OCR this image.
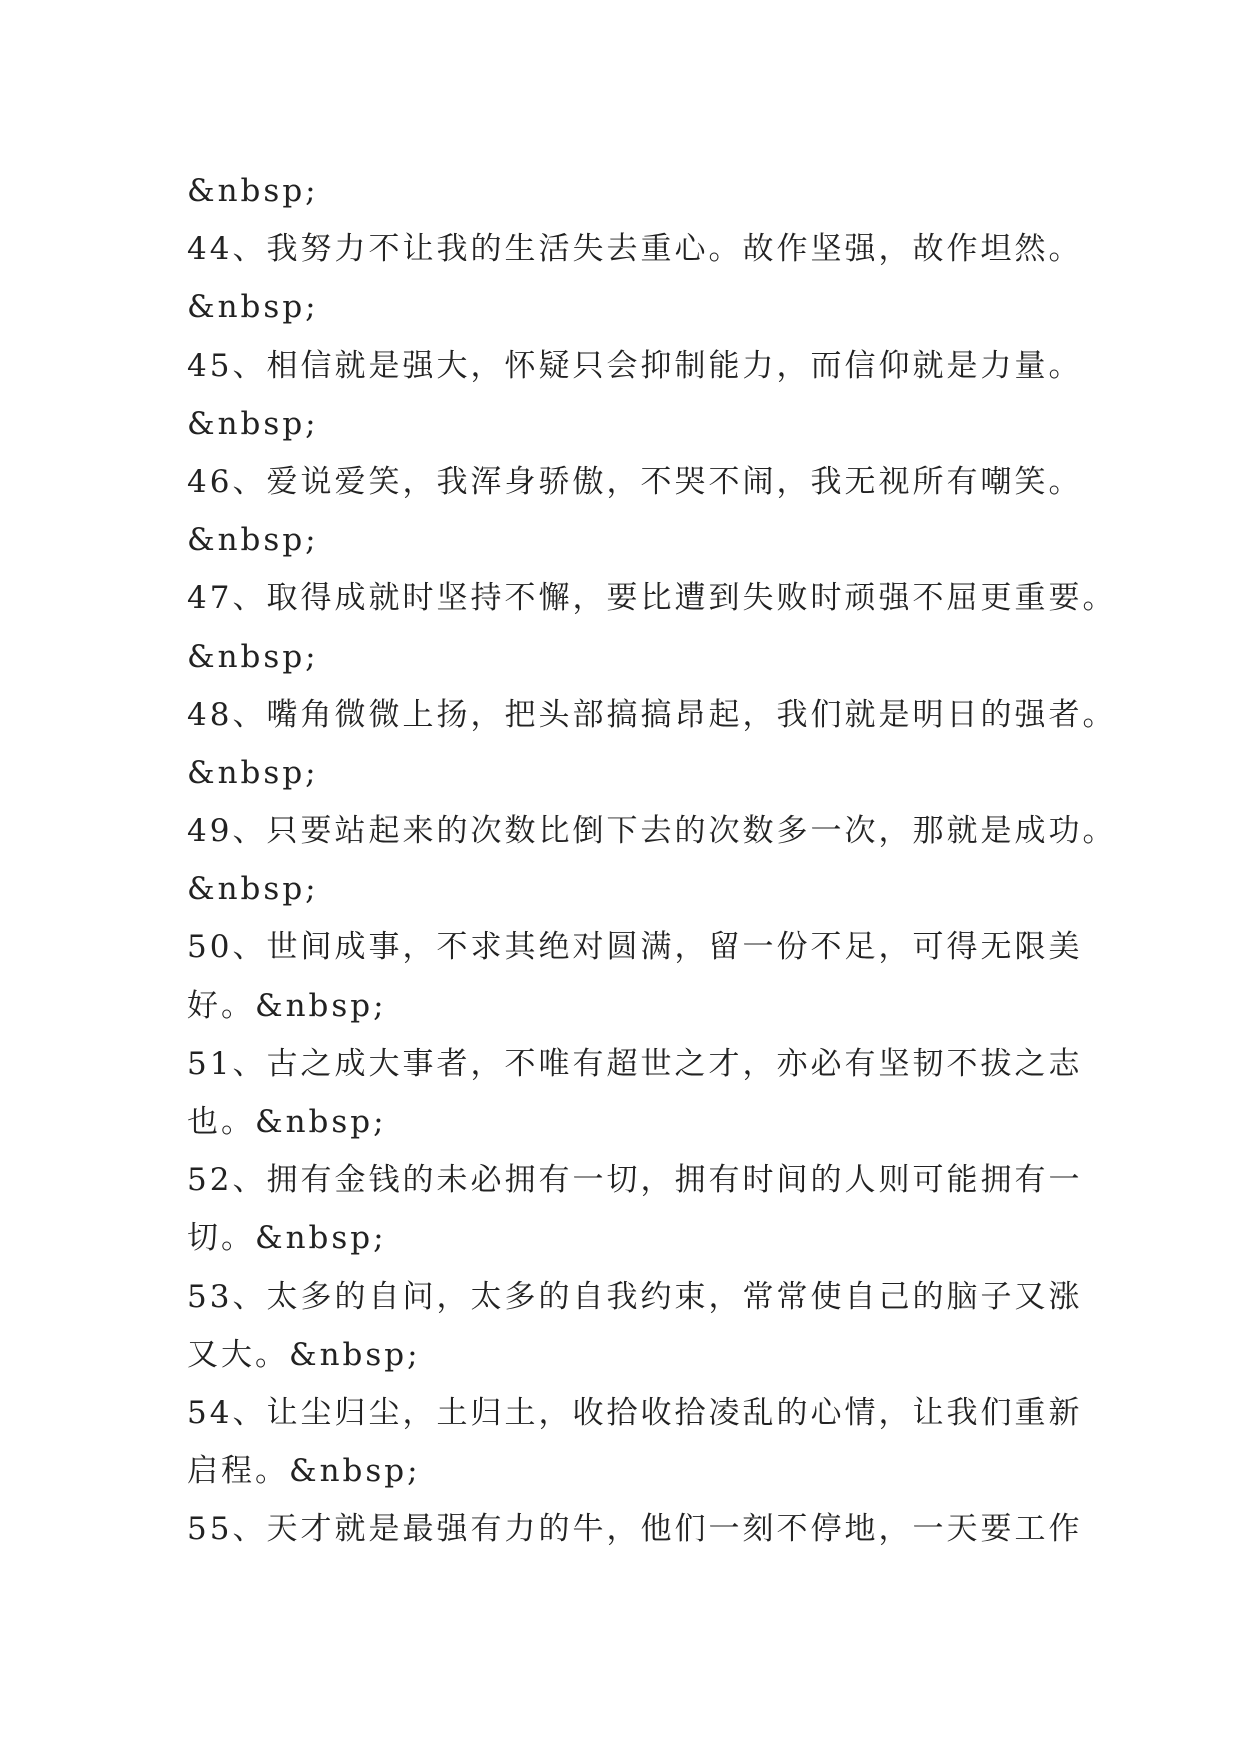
&nbsp;
44、我努力不让我的生活失去重心。故作坚强，故作坦然。
&nbsp;
45、相信就是强大，怀疑只会抑制能力，而信仰就是力量。
&nbsp;
46、爱说爱笑，我浑身骄傲，不哭不闹，我无视所有嘲笑。
&nbsp;
47、取得成就时坚持不懈，要比遭到失败时顽强不屈更重要。
&nbsp;
48、嘴角微微上扬，把头部搞搞昂起，我们就是明日的强者。
&nbsp;
49、只要站起来的次数比倒下去的次数多一次，那就是成功。
&nbsp;
50、世间成事，不求其绝对圆满，留一份不足，可得无限美
好。&nbsp;
51、古之成大事者，不唯有超世之才，亦必有坚韧不拔之志
也。&nbsp;
52、拥有金钱的未必拥有一切，拥有时间的人则可能拥有一
切。&nbsp;
53、太多的自问，太多的自我约束，常常使自己的脑子又涨
又大。&nbsp;
54、让尘归尘，土归土，收拾收拾凌乱的心情，让我们重新
启程。&nbsp;
55、天才就是最强有力的牛，他们一刻不停地，一天要工作
